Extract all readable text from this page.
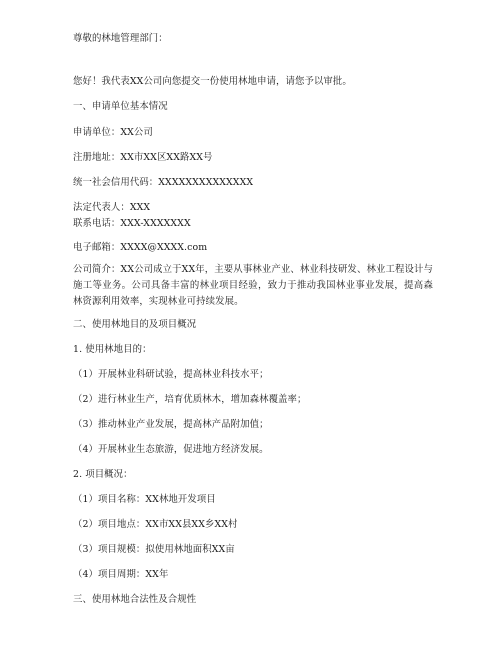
尊敬的林地管理部门：
您好！我代表XX公司向您提交一份使用林地申请，请您予以审批。
一、申请单位基本情况
申请单位：XX公司
注册地址：XX市XX区XX路XX号
统一社会信用代码：XXXXXXXXXXXXXX
法定代表人：XXX
联系电话：XXX-XXXXXXX
电子邮箱：XXXX@XXXX.com
公司简介：XX公司成立于XX年，主要从事林业产业、林业科技研发、林业工程设计与施工等业务。公司具备丰富的林业项目经验，致力于推动我国林业事业发展，提高森林资源利用效率，实现林业可持续发展。
二、使用林地目的及项目概况
1. 使用林地目的：
（1）开展林业科研试验，提高林业科技水平；
（2）进行林业生产，培育优质林木，增加森林覆盖率；
（3）推动林业产业发展，提高林产品附加值；
（4）开展林业生态旅游，促进地方经济发展。
2. 项目概况：
（1）项目名称：XX林地开发项目
（2）项目地点：XX市XX县XX乡XX村
（3）项目规模：拟使用林地面积XX亩
（4）项目周期：XX年
三、使用林地合法性及合规性
